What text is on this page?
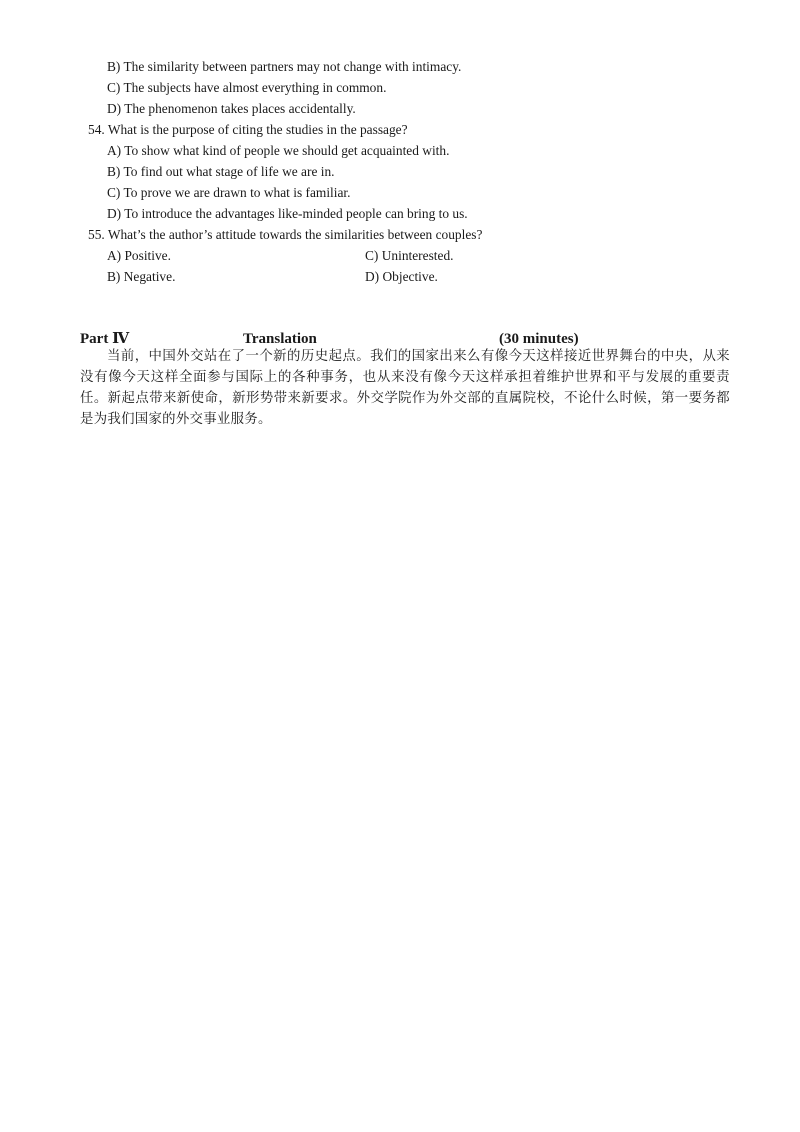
B) The similarity between partners may not change with intimacy.
C) The subjects have almost everything in common.
D) The phenomenon takes places accidentally.
54. What is the purpose of citing the studies in the passage?
A) To show what kind of people we should get acquainted with.
B) To find out what stage of life we are in.
C) To prove we are drawn to what is familiar.
D) To introduce the advantages like-minded people can bring to us.
55. What’s the author’s attitude towards the similarities between couples?
A) Positive.	C) Uninterested.
B) Negative.	D) Objective.
Part Ⅳ	Translation	(30 minutes)
当前，中国外交站在了一个新的历史起点。我们的国家出来么有像今天这样接近世界舞台的中央，从来没有像今天这样全面参与国际上的各种事务，也从来没有像今天这样承担着维护世界和平与发展的重要责任。新起点带来新使命，新形势带来新要求。外交学院作为外交部的直属院校，不论什么时候，第一要务都是为我们国家的外交事业服务。
